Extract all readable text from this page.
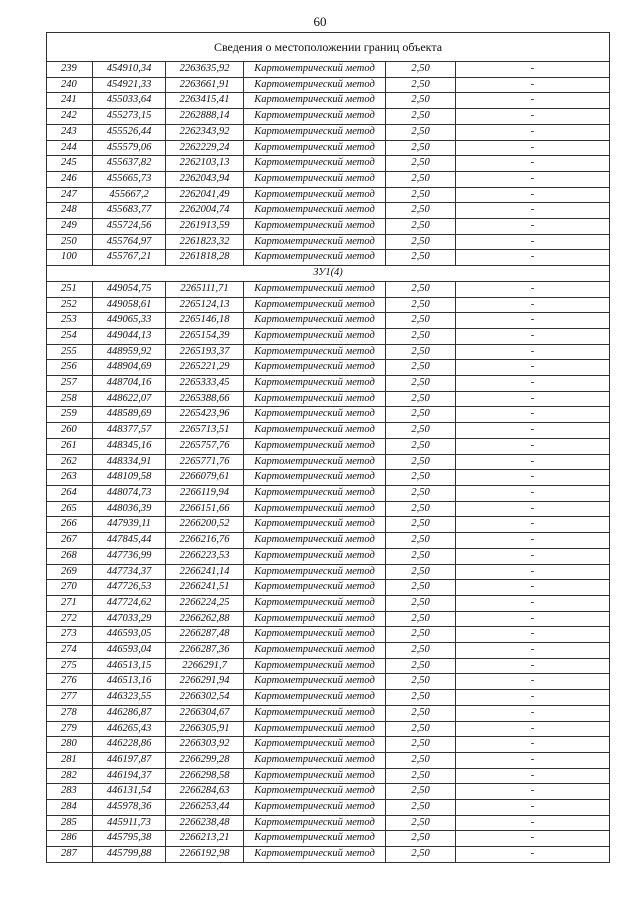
60
Сведения о местоположении границ объекта					
239	454910,34	2263635,92	Картометрический метод	2,50	-
240	454921,33	2263661,91	Картометрический метод	2,50	-
241	455033,64	2263415,41	Картометрический метод	2,50	-
242	455273,15	2262888,14	Картометрический метод	2,50	-
243	455526,44	2262343,92	Картометрический метод	2,50	-
244	455579,06	2262229,24	Картометрический метод	2,50	-
245	455637,82	2262103,13	Картометрический метод	2,50	-
246	455665,73	2262043,94	Картометрический метод	2,50	-
247	455667,2	2262041,49	Картометрический метод	2,50	-
248	455683,77	2262004,74	Картометрический метод	2,50	-
249	455724,56	2261913,59	Картометрический метод	2,50	-
250	455764,97	2261823,32	Картометрический метод	2,50	-
100	455767,21	2261818,28	Картометрический метод	2,50	-
ЗУ1(4)					
251	449054,75	2265111,71	Картометрический метод	2,50	-
252	449058,61	2265124,13	Картометрический метод	2,50	-
253	449065,33	2265146,18	Картометрический метод	2,50	-
254	449044,13	2265154,39	Картометрический метод	2,50	-
255	448959,92	2265193,37	Картометрический метод	2,50	-
256	448904,69	2265221,29	Картометрический метод	2,50	-
257	448704,16	2265333,45	Картометрический метод	2,50	-
258	448622,07	2265388,66	Картометрический метод	2,50	-
259	448589,69	2265423,96	Картометрический метод	2,50	-
260	448377,57	2265713,51	Картометрический метод	2,50	-
261	448345,16	2265757,76	Картометрический метод	2,50	-
262	448334,91	2265771,76	Картометрический метод	2,50	-
263	448109,58	2266079,61	Картометрический метод	2,50	-
264	448074,73	2266119,94	Картометрический метод	2,50	-
265	448036,39	2266151,66	Картометрический метод	2,50	-
266	447939,11	2266200,52	Картометрический метод	2,50	-
267	447845,44	2266216,76	Картометрический метод	2,50	-
268	447736,99	2266223,53	Картометрический метод	2,50	-
269	447734,37	2266241,14	Картометрический метод	2,50	-
270	447726,53	2266241,51	Картометрический метод	2,50	-
271	447724,62	2266224,25	Картометрический метод	2,50	-
272	447033,29	2266262,88	Картометрический метод	2,50	-
273	446593,05	2266287,48	Картометрический метод	2,50	-
274	446593,04	2266287,36	Картометрический метод	2,50	-
275	446513,15	2266291,7	Картометрический метод	2,50	-
276	446513,16	2266291,94	Картометрический метод	2,50	-
277	446323,55	2266302,54	Картометрический метод	2,50	-
278	446286,87	2266304,67	Картометрический метод	2,50	-
279	446265,43	2266305,91	Картометрический метод	2,50	-
280	446228,86	2266303,92	Картометрический метод	2,50	-
281	446197,87	2266299,28	Картометрический метод	2,50	-
282	446194,37	2266298,58	Картометрический метод	2,50	-
283	446131,54	2266284,63	Картометрический метод	2,50	-
284	445978,36	2266253,44	Картометрический метод	2,50	-
285	445911,73	2266238,48	Картометрический метод	2,50	-
286	445795,38	2266213,21	Картометрический метод	2,50	-
287	445799,88	2266192,98	Картометрический метод	2,50	-
